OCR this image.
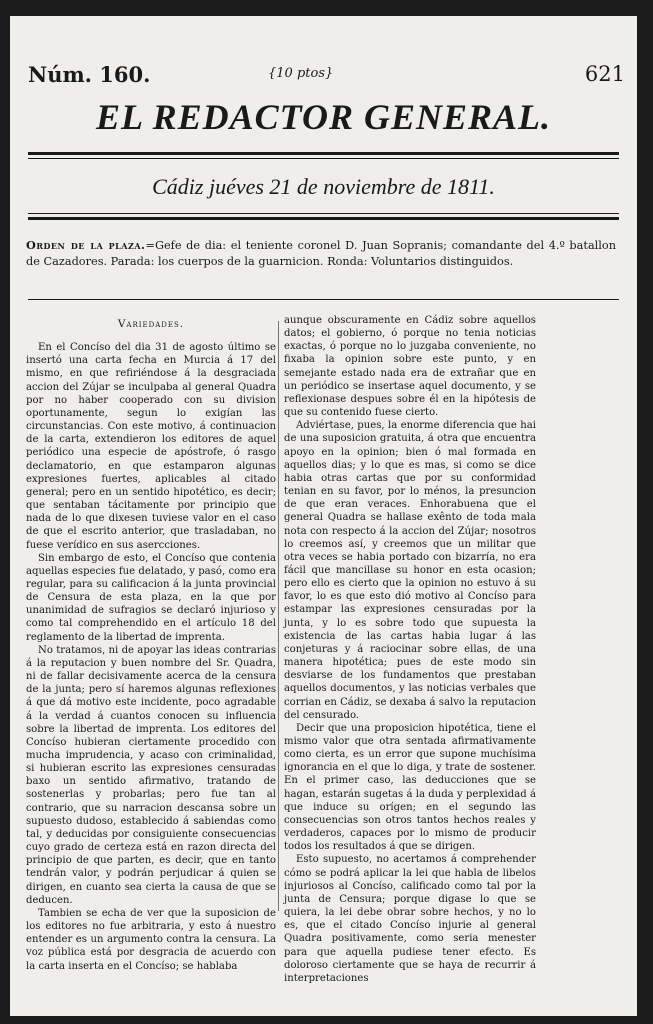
Núm. 160.	{10 ptos}	621
EL REDACTOR GENERAL.
Cádiz juéves 21 de noviembre de 1811.
Orden de la plaza.=Gefe de dia: el teniente coronel D. Juan Sopranis; comandante del 4.º batallon de Cazadores. Parada: los cuerpos de la guarnicion. Ronda: Voluntarios distinguidos.
Variedades.

En el Concíso del dia 31 de agosto último se insertó una carta fecha en Murcia á 17 del mismo, en que refiriéndose á la desgraciada accion del Zújar se inculpaba al general Quadra por no haber cooperado con su division oportunamente, segun lo exigían las circunstancias. Con este motivo, á continuacion de la carta, extendieron los editores de aquel periódico una especie de apóstrofe, ó rasgo declamatorio, en que estamparon algunas expresiones fuertes, aplicables al citado general; pero en un sentido hipotético, es decir; que sentaban tácitamente por principio que nada de lo que dixesen tuviese valor en el caso de que el escrito anterior, que trasladaban, no fuese verídico en sus asercciones.

Sin embargo de esto, el Concíso que contenia aquellas especies fue delatado, y pasó, como era regular, para su calificacion á la junta provincial de Censura de esta plaza, en la que por unanimidad de sufragios se declaró injurioso y como tal comprehendido en el artículo 18 del reglamento de la libertad de imprenta.

No tratamos, ni de apoyar las ideas contrarias á la reputacion y buen nombre del Sr. Quadra, ni de fallar decisivamente acerca de la censura de la junta; pero sí haremos algunas reflexiones á que dá motivo este incidente, poco agradable á la verdad á cuantos conocen su influencia sobre la libertad de imprenta. Los editores del Concíso hubieran ciertamente procedido con mucha imprudencia, y acaso con criminalidad, si hubieran escrito las expresiones censuradas baxo un sentido afirmativo, tratando de sostenerlas y probarlas; pero fue tan al contrario, que su narracion descansa sobre un supuesto dudoso, establecido á sabiendas como tal, y deducidas por consiguiente consecuencias cuyo grado de certeza está en razon directa del principio de que parten, es decir, que en tanto tendrán valor, y podrán perjudicar á quien se dirigen, en cuanto sea cierta la causa de que se deducen.

Tambien se echa de ver que la suposicion de los editores no fue arbitraria, y esto á nuestro entender es un argumento contra la censura. La voz pública está por desgracia de acuerdo con la carta inserta en el Concíso; se hablaba

aunque obscuramente en Cádiz sobre aquellos datos; el gobierno, ó porque no tenia noticias exactas, ó porque no lo juzgaba conveniente, no fixaba la opinion sobre este punto, y en semejante estado nada era de extrañar que en un periódico se insertase aquel documento, y se reflexionase despues sobre él en la hipótesis de que su contenido fuese cierto.

Adviértase, pues, la enorme diferencia que hai de una suposicion gratuita, á otra que encuentra apoyo en la opinion; bien ó mal formada en aquellos dias; y lo que es mas, si como se dice habia otras cartas que por su conformidad tenian en su favor, por lo ménos, la presuncion de que eran veraces. Enhorabuena que el general Quadra se hallase exênto de toda mala nota con respecto á la accion del Zújar; nosotros lo creemos así, y creemos que un militar que otra veces se habia portado con bizarría, no era fácil que mancillase su honor en esta ocasion; pero ello es cierto que la opinion no estuvo á su favor, lo es que esto dió motivo al Concíso para estampar las expresiones censuradas por la junta, y lo es sobre todo que supuesta la existencia de las cartas habia lugar á las conjeturas y á raciocinar sobre ellas, de una manera hipotética; pues de este modo sin desviarse de los fundamentos que prestaban aquellos documentos, y las noticias verbales que corrian en Cádiz, se dexaba á salvo la reputacion del censurado.

Decir que una proposicion hipotética, tiene el mismo valor que otra sentada afirmativamente como cierta, es un error que supone muchísima ignorancia en el que lo diga, y trate de sostener. En el primer caso, las deducciones que se hagan, estarán sugetas á la duda y perplexidad á que induce su orígen; en el segundo las consecuencias son otros tantos hechos reales y verdaderos, capaces por lo mismo de producir todos los resultados á que se dirigen.

Esto supuesto, no acertamos á comprehender cómo se podrá aplicar la lei que habla de libelos injuriosos al Concíso, calificado como tal por la junta de Censura; porque digase lo que se quiera, la lei debe obrar sobre hechos, y no lo es, que el citado Concíso injurie al general Quadra positivamente, como seria menester para que aquella pudiese tener efecto. Es doloroso ciertamente que se haya de recurrir á interpretaciones
